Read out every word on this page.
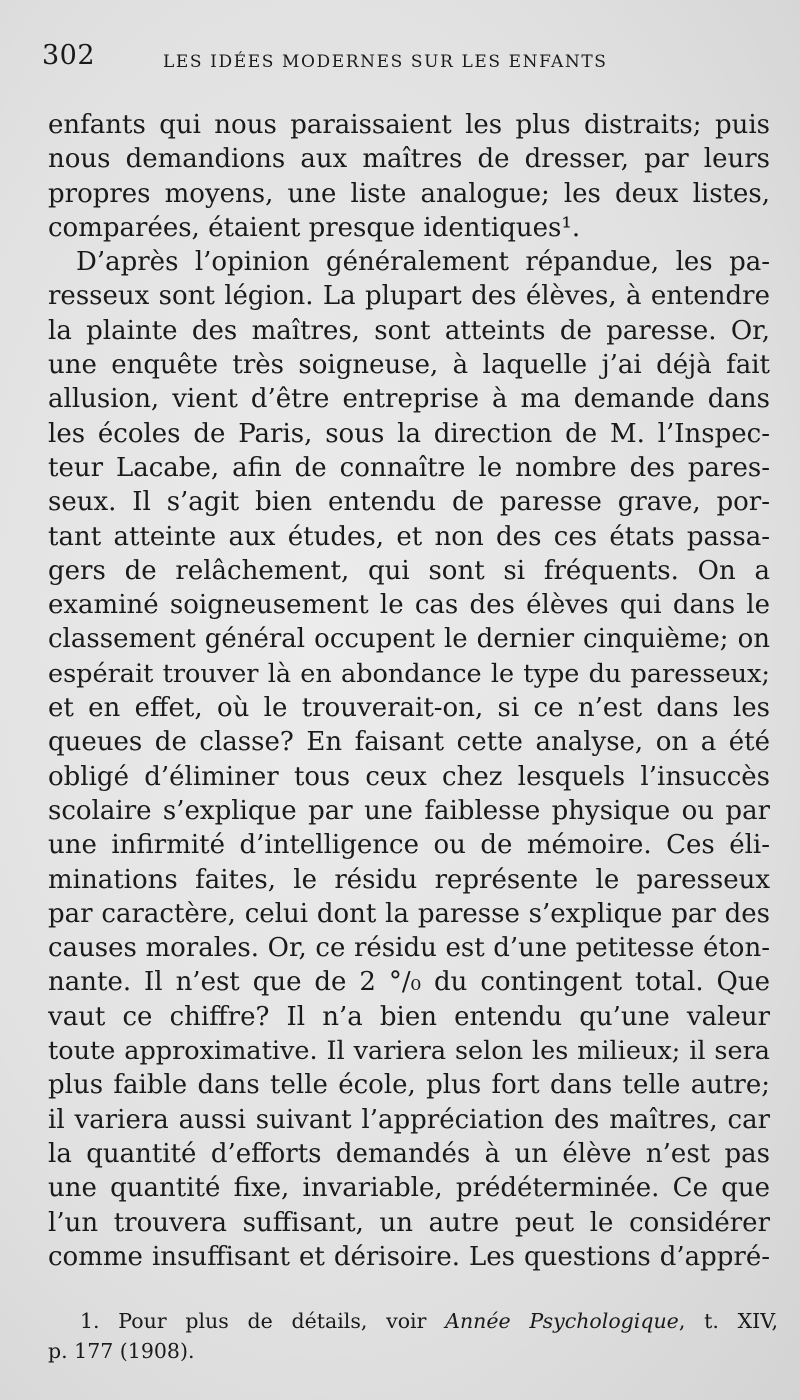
302	LES IDÉES MODERNES SUR LES ENFANTS
enfants qui nous paraissaient les plus distraits; puis
nous demandions aux maîtres de dresser, par leurs
propres moyens, une liste analogue; les deux listes,
comparées, étaient presque identiques¹.
D’après l’opinion généralement répandue, les pa-
resseux sont légion. La plupart des élèves, à entendre
la plainte des maîtres, sont atteints de paresse. Or,
une enquête très soigneuse, à laquelle j’ai déjà fait
allusion, vient d’être entreprise à ma demande dans
les écoles de Paris, sous la direction de M. l’Inspec-
teur Lacabe, afin de connaître le nombre des pares-
seux. Il s’agit bien entendu de paresse grave, por-
tant atteinte aux études, et non des ces états passa-
gers de relâchement, qui sont si fréquents. On a
examiné soigneusement le cas des élèves qui dans le
classement général occupent le dernier cinquième; on
espérait trouver là en abondance le type du paresseux;
et en effet, où le trouverait-on, si ce n’est dans les
queues de classe? En faisant cette analyse, on a été
obligé d’éliminer tous ceux chez lesquels l’insuccès
scolaire s’explique par une faiblesse physique ou par
une infirmité d’intelligence ou de mémoire. Ces éli-
minations faites, le résidu représente le paresseux
par caractère, celui dont la paresse s’explique par des
causes morales. Or, ce résidu est d’une petitesse éton-
nante. Il n’est que de 2 °/₀ du contingent total. Que
vaut ce chiffre? Il n’a bien entendu qu’une valeur
toute approximative. Il variera selon les milieux; il sera
plus faible dans telle école, plus fort dans telle autre;
il variera aussi suivant l’appréciation des maîtres, car
la quantité d’efforts demandés à un élève n’est pas
une quantité fixe, invariable, prédéterminée. Ce que
l’un trouvera suffisant, un autre peut le considérer
comme insuffisant et dérisoire. Les questions d’appré-
1. Pour plus de détails, voir Année Psychologique, t. XIV,
p. 177 (1908).
